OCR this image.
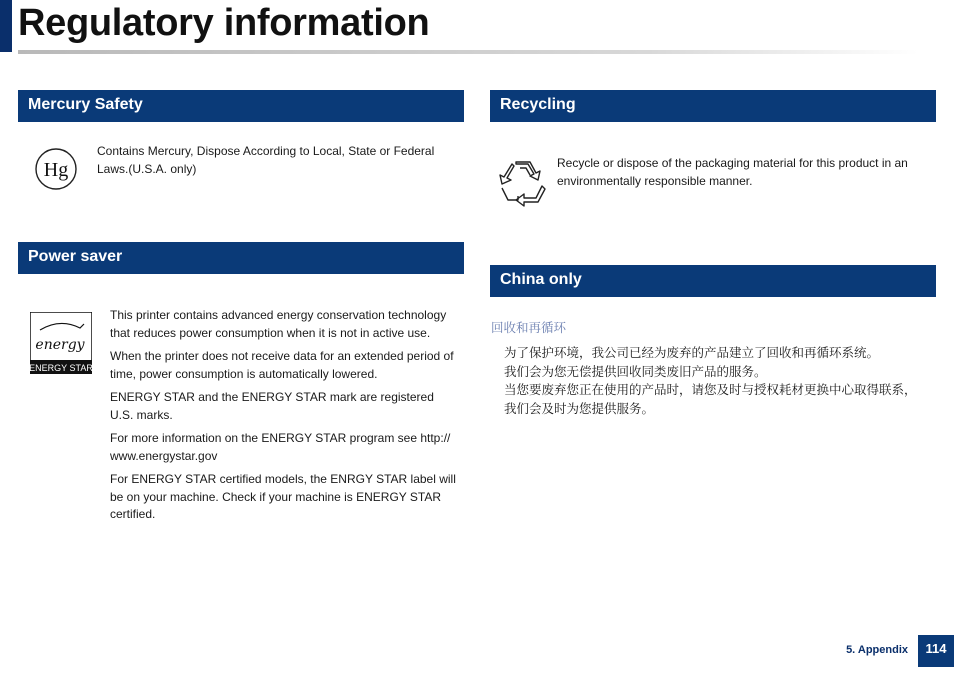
Regulatory information
Mercury Safety
Hg
Contains Mercury, Dispose According to Local, State or Federal Laws.(U.S.A. only)
Power saver
energy
ENERGY STAR

This printer contains advanced energy conservation technology that reduces power consumption when it is not in active use.

When the printer does not receive data for an extended period of time, power consumption is automatically lowered.

ENERGY STAR and the ENERGY STAR mark are registered U.S. marks.

For more information on the ENERGY STAR program see http:// www.energystar.gov

For ENERGY STAR certified models, the ENRGY STAR label will be on your machine. Check if your machine is ENERGY STAR certified.

Recycling
Recycle or dispose of the packaging material for this product in an environmentally responsible manner.
China only
回收和再循环
为了保护环境，我公司已经为废弃的产品建立了回收和再循环系统。
我们会为您无偿提供回收同类废旧产品的服务。
当您要废弃您正在使用的产品时，请您及时与授权耗材更换中心取得联系，
我们会及时为您提供服务。
5. Appendix	114
